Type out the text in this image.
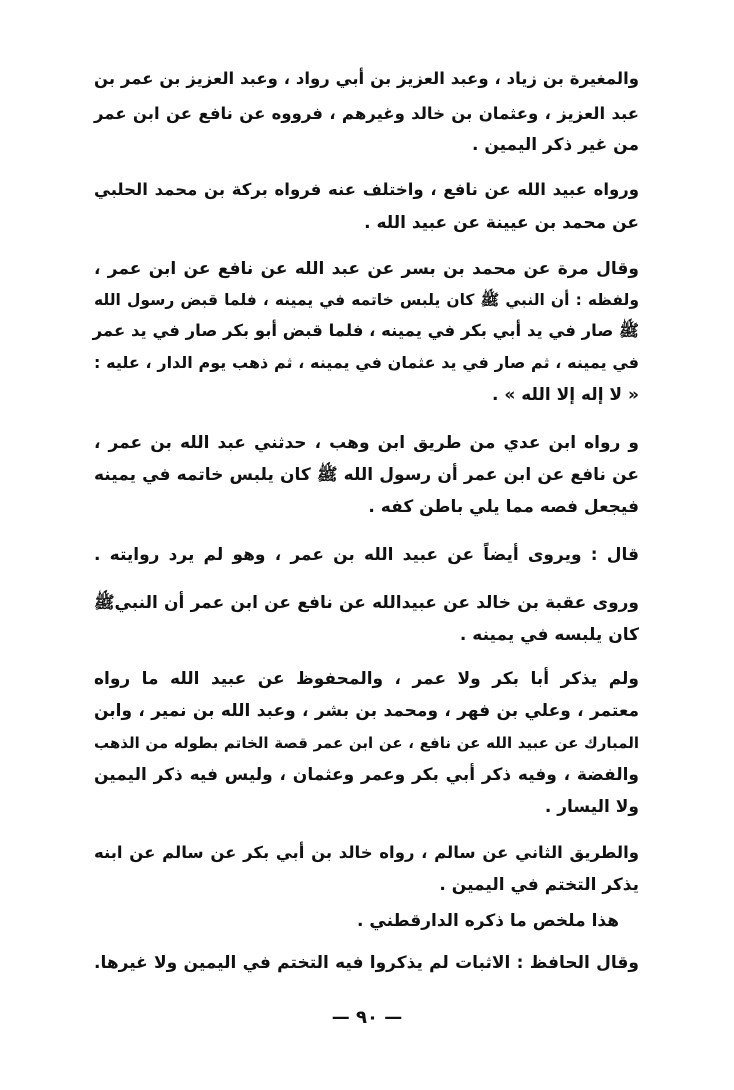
والمغيرة بن زياد ، وعبد العزيز بن أبي رواد ، وعبد العزيز بن عمر بن
عبد العزيز ، وعثمان بن خالد وغيرهم ، فرووه عن نافع عن ابن عمر
من غير ذكر اليمين .
ورواه عبيد الله عن نافع ، واختلف عنه فرواه بركة بن محمد الحلبي
عن محمد بن عيينة عن عبيد الله .
وقال مرة عن محمد بن بسر عن عبد الله عن نافع عن ابن عمر ،
ولفظه : أن النبي ﷺ كان يلبس خاتمه في يمينه ، فلما قبض رسول الله
ﷺ صار في يد أبي بكر في يمينه ، فلما قبض أبو بكر صار في يد عمر
في يمينه ، ثم صار في يد عثمان في يمينه ، ثم ذهب يوم الدار ، عليه :
« لا إله إلا الله » .
و رواه ابن عدي من طريق ابن وهب ، حدثني عبد الله بن عمر ،
عن نافع عن ابن عمر أن رسول الله ﷺ كان يلبس خاتمه في يمينه
فيجعل فصه مما يلي باطن كفه .
قال : ويروى أيضاً عن عبيد الله بن عمر ، وهو لم يرد روايته .
وروى عقبة بن خالد عن عبيدالله عن نافع عن ابن عمر أن النبيﷺ
كان يلبسه في يمينه .
ولم يذكر أبا بكر ولا عمر ، والمحفوظ عن عبيد الله ما رواه
معتمر ، وعلي بن فهر ، ومحمد بن بشر ، وعبد الله بن نمير ، وابن
المبارك عن عبيد الله عن نافع ، عن ابن عمر قصة الخاتم بطوله من الذهب
والفضة ، وفيه ذكر أبي بكر وعمر وعثمان ، وليس فيه ذكر اليمين
ولا اليسار .
والطريق الثاني عن سالم ، رواه خالد بن أبي بكر عن سالم عن ابنه
يذكر التختم في اليمين .
هذا ملخص ما ذكره الدارقطني .
وقال الحافظ : الاثبات لم يذكروا فيه التختم في اليمين ولا غيرها.
— ٩٠ —
